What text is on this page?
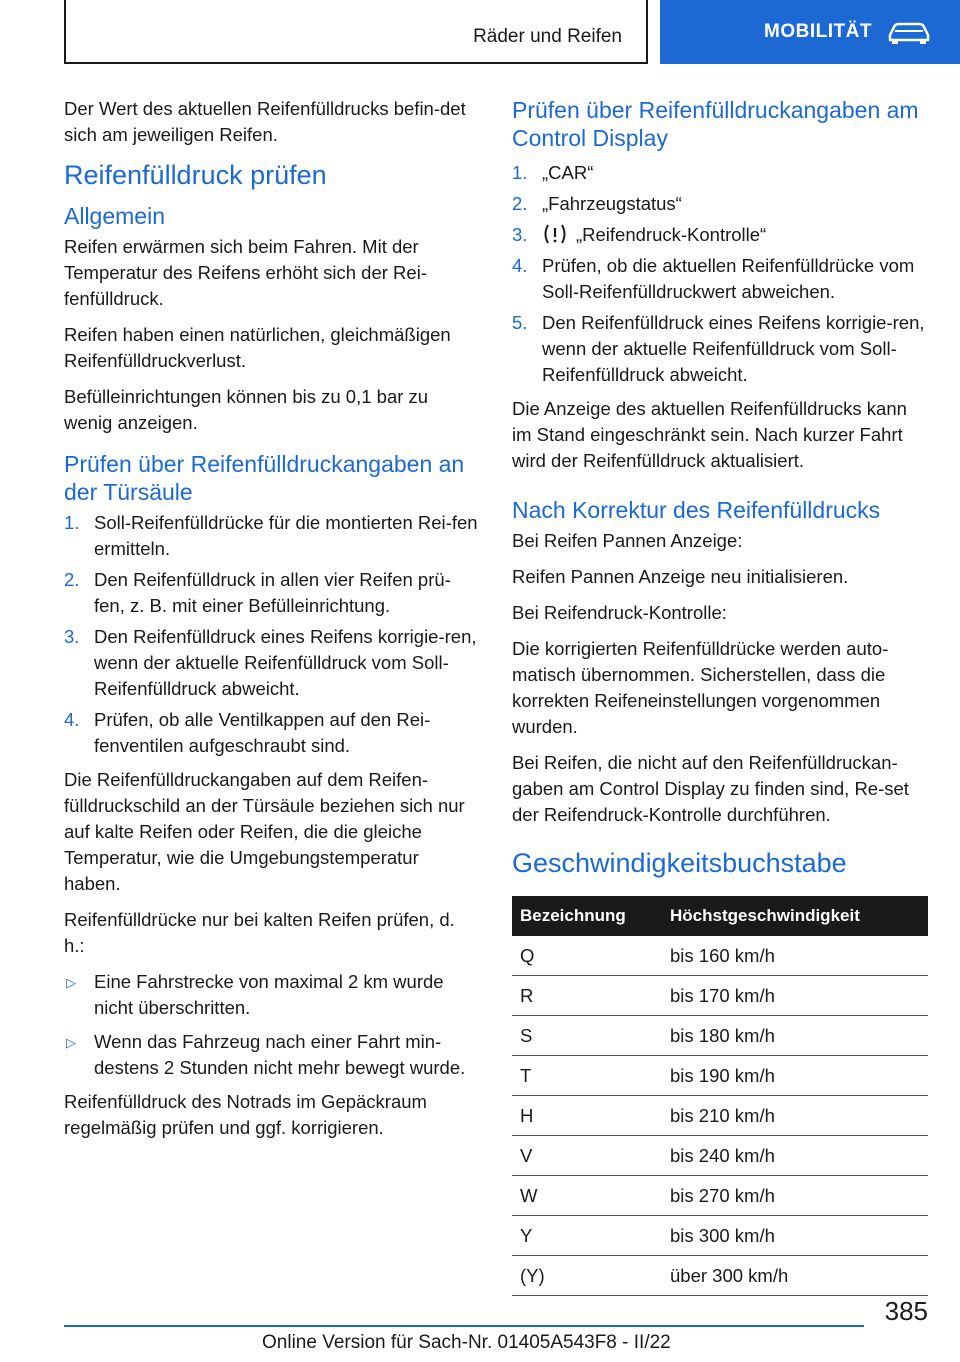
Räder und Reifen	MOBILITÄT

Der Wert des aktuellen Reifenfülldrucks befin-det sich am jeweiligen Reifen.

Reifenfülldruck prüfen
Allgemein

Reifen erwärmen sich beim Fahren. Mit der Temperatur des Reifens erhöht sich der Rei-fenfülldruck.

Reifen haben einen natürlichen, gleichmäßigen Reifenfülldruckverlust.

Befülleinrichtungen können bis zu 0,1 bar zu wenig anzeigen.

Prüfen über Reifenfülldruckangaben an der Türsäule
1. Soll-Reifenfülldrücke für die montierten Rei-fen ermitteln.
2. Den Reifenfülldruck in allen vier Reifen prü-fen, z. B. mit einer Befülleinrichtung.
3. Den Reifenfülldruck eines Reifens korrigie-ren, wenn der aktuelle Reifenfülldruck vom Soll-Reifenfülldruck abweicht.
4. Prüfen, ob alle Ventilkappen auf den Rei-fenventilen aufgeschraubt sind.

Die Reifenfülldruckangaben auf dem Reifen-fülldruckschild an der Türsäule beziehen sich nur auf kalte Reifen oder Reifen, die die gleiche Temperatur, wie die Umgebungstemperatur haben.

Reifenfülldrücke nur bei kalten Reifen prüfen, d. h.:

▷ Eine Fahrstrecke von maximal 2 km wurde nicht überschritten.
▷ Wenn das Fahrzeug nach einer Fahrt min-destens 2 Stunden nicht mehr bewegt wurde.

Reifenfülldruck des Notrads im Gepäckraum regelmäßig prüfen und ggf. korrigieren.

Prüfen über Reifenfülldruckangaben am Control Display
1. „CAR“
2. „Fahrzeugstatus“
3.	„Reifendruck-Kontrolle“
4. Prüfen, ob die aktuellen Reifenfülldrücke vom Soll-Reifenfülldruckwert abweichen.
5. Den Reifenfülldruck eines Reifens korrigie-ren, wenn der aktuelle Reifenfülldruck vom Soll-Reifenfülldruck abweicht.

Die Anzeige des aktuellen Reifenfülldrucks kann im Stand eingeschränkt sein. Nach kurzer Fahrt wird der Reifenfülldruck aktualisiert.

Nach Korrektur des Reifenfülldrucks

Bei Reifen Pannen Anzeige:

Reifen Pannen Anzeige neu initialisieren.

Bei Reifendruck-Kontrolle:

Die korrigierten Reifenfülldrücke werden auto-matisch übernommen. Sicherstellen, dass die korrekten Reifeneinstellungen vorgenommen wurden.

Bei Reifen, die nicht auf den Reifenfülldruckan-gaben am Control Display zu finden sind, Re-set der Reifendruck-Kontrolle durchführen.

Geschwindigkeitsbuchstabe
Bezeichnung	Höchstgeschwindigkeit
Q	bis 160 km/h
R	bis 170 km/h
S	bis 180 km/h
T	bis 190 km/h
H	bis 210 km/h
V	bis 240 km/h
W	bis 270 km/h
Y	bis 300 km/h
(Y)	über 300 km/h
385
Online Version für Sach-Nr. 01405A543F8 - II/22
